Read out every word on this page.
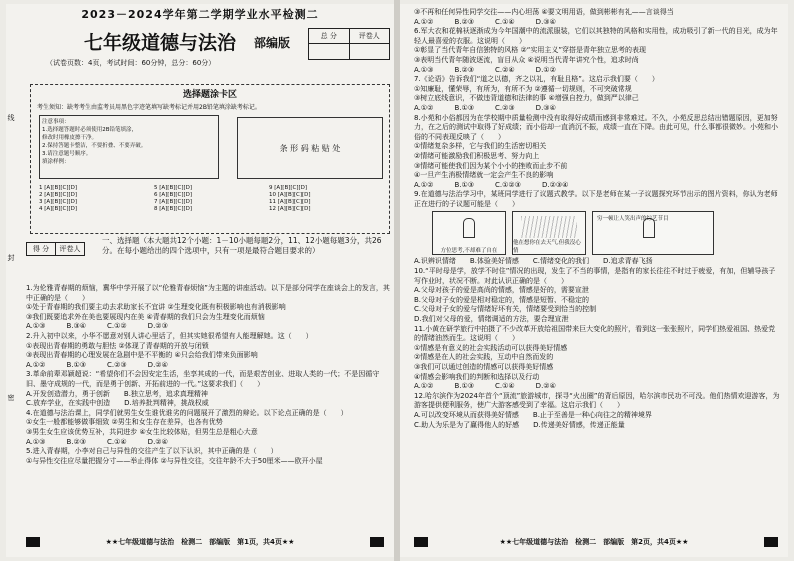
2023－2024学年第二学期学业水平检测二
七年级道德与法治 部编版	总 分	评卷人
（试卷页数：4页，考试时间：60分钟，总分：60分）
线
封
密
选择题涂卡区
考生须知：缺考考生由监考员用黑色字迹笔填写缺考标记并用2B铅笔填涂缺考标记。
注意事项：
1.选择题答题时必须使用2B铅笔填涂，
修改时用橡皮擦干净。
2.保持答题卡整洁，不要折叠、不要弄破。
3.请注意题号顺序。
填涂样例：
条 形 码 粘 贴 处
1 [A][B][C][D]
2 [A][B][C][D]
3 [A][B][C][D]
4 [A][B][C][D]
5 [A][B][C][D]
6 [A][B][C][D]
7 [A][B][C][D]
8 [A][B][C][D]
9 [A][B][C][D]
10 [A][B][C][D]
11 [A][B][C][D]
12 [A][B][C][D]
得 分	评卷人
一、选择题（本大题共12个小题：1－10小题每题2分，11、12小题每题3分，共26分。在每小题给出的四个选项中，只有一项是最符合题目要求的）
1.为伦雅青春期的烦恼，冀华中学开展了以“伦雅青春烦恼”为主题的讲座活动。以下是部分同学在座谈会上的发言，其中正确的是（　　）
①处于青春期的我们要主动去求助家长不宜讲 ②生理变化既有积极影响也有消极影响
③我们既要追求外在美也要展现内在美 ④青春期的我们只会为生理变化而烦恼
A.①③　　　B.③④　　　C.①②　　　D.②③
2.升入初中以来，小华不愿意对别人讲心里话了，但其实她很希望有人能理解她。这（　　）
①表现出青春期的勇敢与胆怯 ②体现了青春期的开放与闭锁
③表现出青春期的心理发展在急剧中是不平衡的 ④只会给我们带来负面影响
A.①②　　　B.①③　　　C.②③　　　D.②④
3.革命前辈邓颖超说：“希望你们不会因安定生活，坐享其成的一代，而是艰苦创业、进取人类的一代；不是因循守旧、墨守成规的一代，而是勇于创新、开拓前进的一代。”这要求我们（　　）
A.开发创造潜力，勇于创新　　B.独立思考，追求真理精神
C.放弃学业，在实践中创造　　D.培养批判精神，挑战权威
4.在道德与法治课上，同学们就男生女生谁优谁劣的问题展开了激烈的辩论。以下论点正确的是（　　）
①女生一般都能够做事细致 ②男生和女生存在差异，也各有优势
③男生女生应该优势互补，共同进步 ④女生比较体贴，但男生总是粗心大意
A.①③　　　B.②③　　　C.①④　　　D.②④
5.进入青春期，小李对自己与异性的交往产生了以下认识，其中正确的是（　　）
①与异性交往应尽量把握分寸——举止得体 ②与异性交往，交往年龄不大于50厘米——欧开小屋
★★七年级道德与法治　检测二　部编版　第1页，共4页★★
③不再和任何异性同学交往——内心坦荡 ④要文明用语，做到彬彬有礼——言谈得当
A.①②　　　B.②③　　　C.①④　　　D.③④
6.军大衣和花棉袄逐渐成为今年国潮中的流派服装，它们以其独特的风格和实用性，成功吸引了新一代的目光，成为年轻人最喜爱的衣服。这说明（　　）
①彰显了当代青年自信独特的风格 ②“实用主义”穿搭是青年独立思考的表现
③表明当代青年随波逐流，盲目从众 ④说明当代青年讲究个性，追求时尚
A.①③　　　B.②③　　　C.②④　　　D.①②
7.《论语》告诉我们“道之以德，齐之以礼，有耻且格”。这启示我们要（　　）
①知廉耻，懂荣辱，有所为，有所不为 ②遵循一切规则，不可突破常规
③树立底线意识，不做违背道德和法律的事 ④增强自控力，做到严以律己
A.①②　　　B.①③　　　C.②③　　　D.③④
8.小苑和小俗都因为在学校期中质量检测中没有取得好成绩而感到非常难过。不久，小苑反思总结出错题原因，更加努力，在之后的测试中取得了好成绩；而小俗却一直消沉不振，成绩一直在下降。由此可见，什么事都很微妙。小苑和小俗的不同表现反映了（　　）
①情绪复杂多样，它与我们的生活密切相关
②情绪可能激励我们积极思考、努力向上
③情绪可能使我们因为某个小小的挫败而止步不前
④一旦产生消极情绪就一定会产生不良的影响
A.①②　　　B.①③　　　C.①②③　　　D.②③④
9.在道德与法治学习中，某班同学进行了议题式教学。以下是老师在某一子议题探究环节出示的图片资料，你认为老师正在进行的子议题可能是（　　）
方位思考,不却难了自在
他在想你在去天气,但我沒心情
穷一顿让人笑出声的综艺节目
A.识辨识情绪　　B.体验美好情感　　C.情绪变化的我们　　D.追求青春飞扬
10.“平时母是学，放学不时住”情况的出现，发生了不当的事情，是指有的家长往往不时过于疲爱，有加，但辅导孩子写作业时，状况不断。对此认识正确的是（　　）
A.父母对孩子的爱是高尚的情感，情感是好的，需要宣泄
B.父母对子女的爱是相对稳定的，情感是短暂、不稳定的
C.父母对子女的爱与情绪好坏有关，情绪要受到恰当的控制
D.我们对父母的爱，情绪调适的方法，要合理宣泄
11.小黄在研学旅行中拍摄了不少改革开放给祖国带来巨大变化的照片，看到这一张张照片，同学们热爱祖国、热爱党的情绪油然而生。这说明（　　）
①情感是有意义的社会实践活动可以获得美好情感
②情感是在人的社会实践，互动中自然而发的
③我们可以通过创造的情感可以获得美好情感
④情感会影响我们的判断和选择以及行动
A.①②　　　B.①③　　　C.①④　　　D.②④
12.哈尔滨作为2024年首个“顶流”旅游城市，探寻“火出圈”的背后原因，哈尔滨市民功不可没。他们热情欢迎游客，为游客提供便利服务，使广大游客感受到了幸福。这启示我们（　　）
A.可以改变环境从而获得美好情感　　B.止于至善是一种心向往之的精神境界
C.助人为乐是为了赢得他人的好感　　D.传递美好情感，传递正能量
★★七年级道德与法治　检测二　部编版　第2页，共4页★★
